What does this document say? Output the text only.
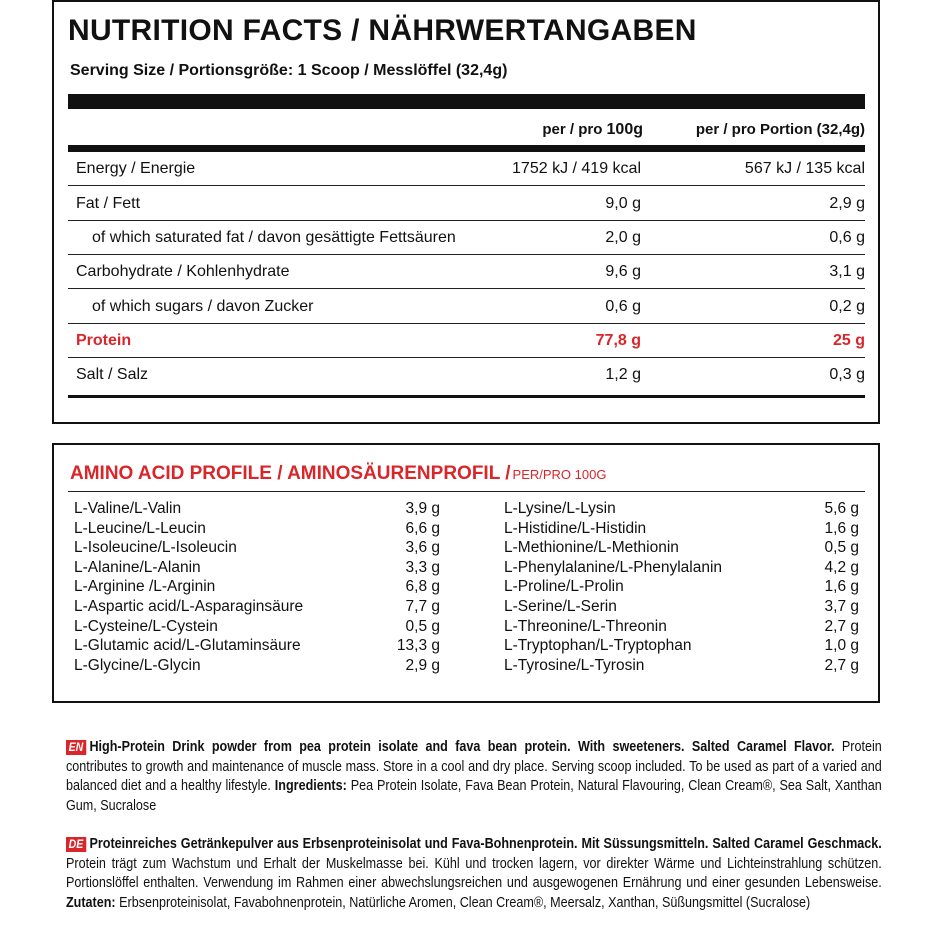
NUTRITION FACTS / NÄHRWERTANGABEN
Serving Size / Portionsgröße: 1 Scoop / Messlöffel (32,4g)
per / pro 100g	per / pro Portion (32,4g)
Energy / Energie	1752 kJ / 419 kcal	567 kJ / 135 kcal
Fat / Fett	9,0 g	2,9 g
of which saturated fat / davon gesättigte Fettsäuren	2,0 g	0,6 g
Carbohydrate / Kohlenhydrate	9,6 g	3,1 g
of which sugars / davon Zucker	0,6 g	0,2 g
Protein	77,8 g	25 g
Salt / Salz	1,2 g	0,3 g
AMINO ACID PROFILE / AMINOSÄURENPROFIL / PER/PRO 100G
EN High-Protein Drink powder from pea protein isolate and fava bean protein. With sweeteners. Salted Caramel Flavor. Protein contributes to growth and maintenance of muscle mass. Store in a cool and dry place. Serving scoop included. To be used as part of a varied and balanced diet and a healthy lifestyle. Ingredients: Pea Protein Isolate, Fava Bean Protein, Natural Flavouring, Clean Cream®, Sea Salt, Xanthan Gum, Sucralose
DE Proteinreiches Getränkepulver aus Erbsenproteinisolat und Fava-Bohnenprotein. Mit Süssungsmitteln. Salted Caramel Geschmack. Protein trägt zum Wachstum und Erhalt der Muskelmasse bei. Kühl und trocken lagern, vor direkter Wärme und Lichteinstrahlung schützen. Portionslöffel enthalten. Verwendung im Rahmen einer abwechslungsreichen und ausgewogenen Ernährung und einer gesunden Lebensweise. Zutaten: Erbsenproteinisolat, Favabohnenprotein, Natürliche Aromen, Clean Cream®, Meersalz, Xanthan, Süßungsmittel (Sucralose)
L-Valine/L-Valin	3,9 g
L-Leucine/L-Leucin	6,6 g
L-Isoleucine/L-Isoleucin	3,6 g
L-Alanine/L-Alanin	3,3 g
L-Arginine /L-Arginin	6,8 g
L-Aspartic acid/L-Asparaginsäure	7,7 g
L-Cysteine/L-Cystein	0,5 g
L-Glutamic acid/L-Glutaminsäure	13,3 g
L-Glycine/L-Glycin	2,9 g
L-Lysine/L-Lysin	5,6 g
L-Histidine/L-Histidin	1,6 g
L-Methionine/L-Methionin	0,5 g
L-Phenylalanine/L-Phenylalanin	4,2 g
L-Proline/L-Prolin	1,6 g
L-Serine/L-Serin	3,7 g
L-Threonine/L-Threonin	2,7 g
L-Tryptophan/L-Tryptophan	1,0 g
L-Tyrosine/L-Tyrosin	2,7 g
